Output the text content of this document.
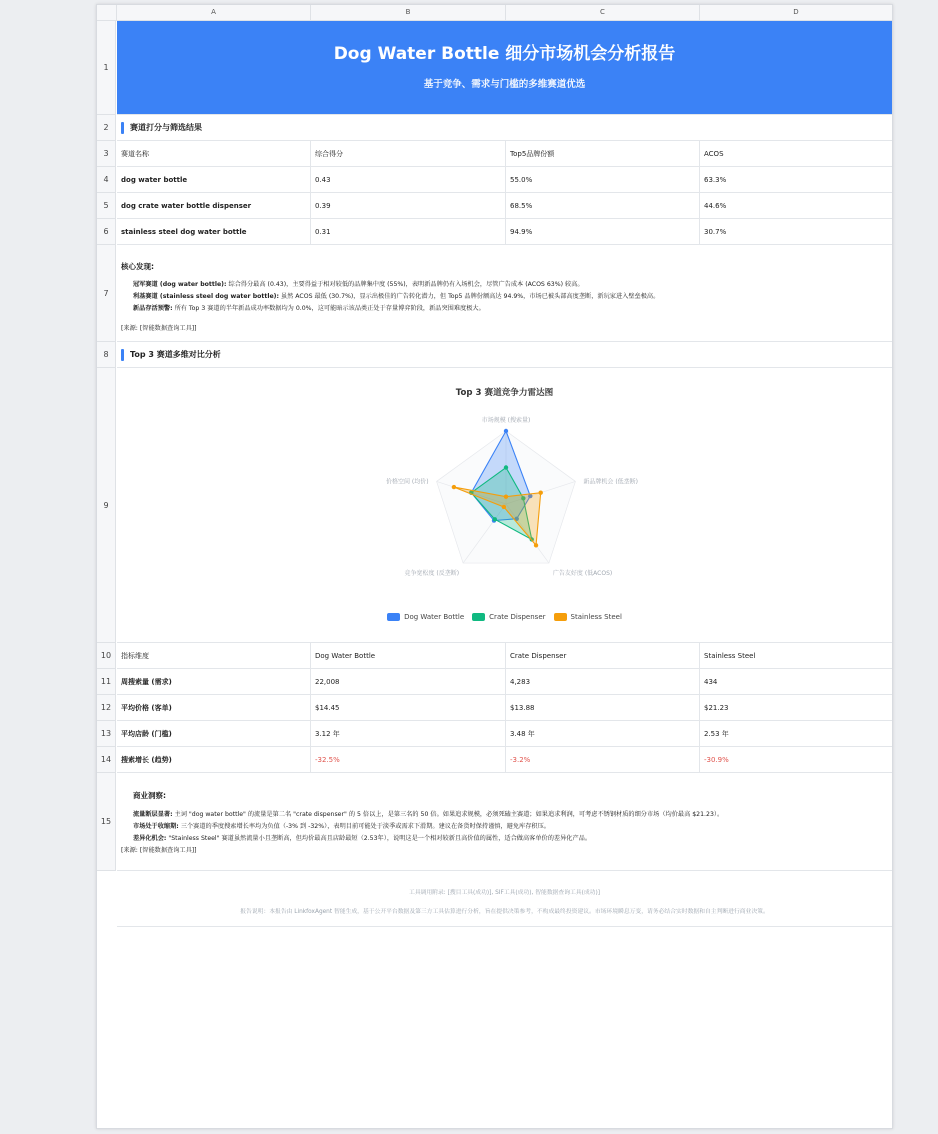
A	B	C	D
1
2
3
4
5
6
7
8
9
10
11
12
13
14
15
Dog Water Bottle 细分市场机会分析报告
基于竞争、需求与门槛的多维赛道优选
赛道打分与筛选结果
赛道名称	综合得分	Top5品牌份额	ACOS
dog water bottle	0.43	55.0%	63.3%
dog crate water bottle dispenser	0.39	68.5%	44.6%
stainless steel dog water bottle	0.31	94.9%	30.7%
核心发现:
冠军赛道 (dog water bottle): 综合得分最高 (0.43)，主要得益于相对较低的品牌集中度 (55%)，表明新品牌仍有入场机会，尽管广告成本 (ACOS 63%) 较高。
利基赛道 (stainless steel dog water bottle): 虽然 ACOS 最低 (30.7%)，显示出极佳的广告转化潜力，但 Top5 品牌份额高达 94.9%，市场已被头部高度垄断，新玩家进入壁垒极高。
新品存活预警: 所有 Top 3 赛道的半年新品成功率数据均为 0.0%，这可能暗示该品类正处于存量博弈阶段，新品突围难度极大。
[来源: [智能数据查询工具]]
Top 3 赛道多维对比分析
Top 3 赛道竞争力雷达图
市场规模 (搜索量)
新品牌机会 (低垄断)
广告友好度 (低ACOS)
竞争宽松度 (反垄断)
价格空间 (均价)
Dog Water Bottle	Crate Dispenser	Stainless Steel
指标维度	Dog Water Bottle	Crate Dispenser	Stainless Steel
周搜索量 (需求)	22,008	4,283	434
平均价格 (客单)	$14.45	$13.88	$21.23
平均店龄 (门槛)	3.12 年	3.48 年	2.53 年
搜索增长 (趋势)	-32.5%	-3.2%	-30.9%
商业洞察:
流量断层显著: 主词 "dog water bottle" 的流量是第二名 "crate dispenser" 的 5 倍以上，是第三名的 50 倍。如果追求规模，必须死磕主赛道；如果追求利润，可考虑不锈钢材质的细分市场（均价最高 $21.23）。
市场处于收缩期: 三个赛道的季度搜索增长率均为负值（-3% 到 -32%），表明目前可能处于淡季或需求下滑期。建议在备货时保持谨慎，避免库存积压。
差异化机会: "Stainless Steel" 赛道虽然流量小且垄断高，但均价最高且店龄最短（2.53年），说明这是一个相对较新且高价值的属性，适合做高客单价的差异化产品。
[来源: [智能数据查询工具]]
工具调用附录: [搜目工具(成功)], SIF工具(成功), 智能数据查询工具(成功)]
报告说明：本报告由 LinkfoxAgent 智能生成，基于公开平台数据及第三方工具估算进行分析，旨在提供决策参考，不构成最终投资建议。市场环境瞬息万变，请务必结合实时数据和自主判断进行商业决策。
